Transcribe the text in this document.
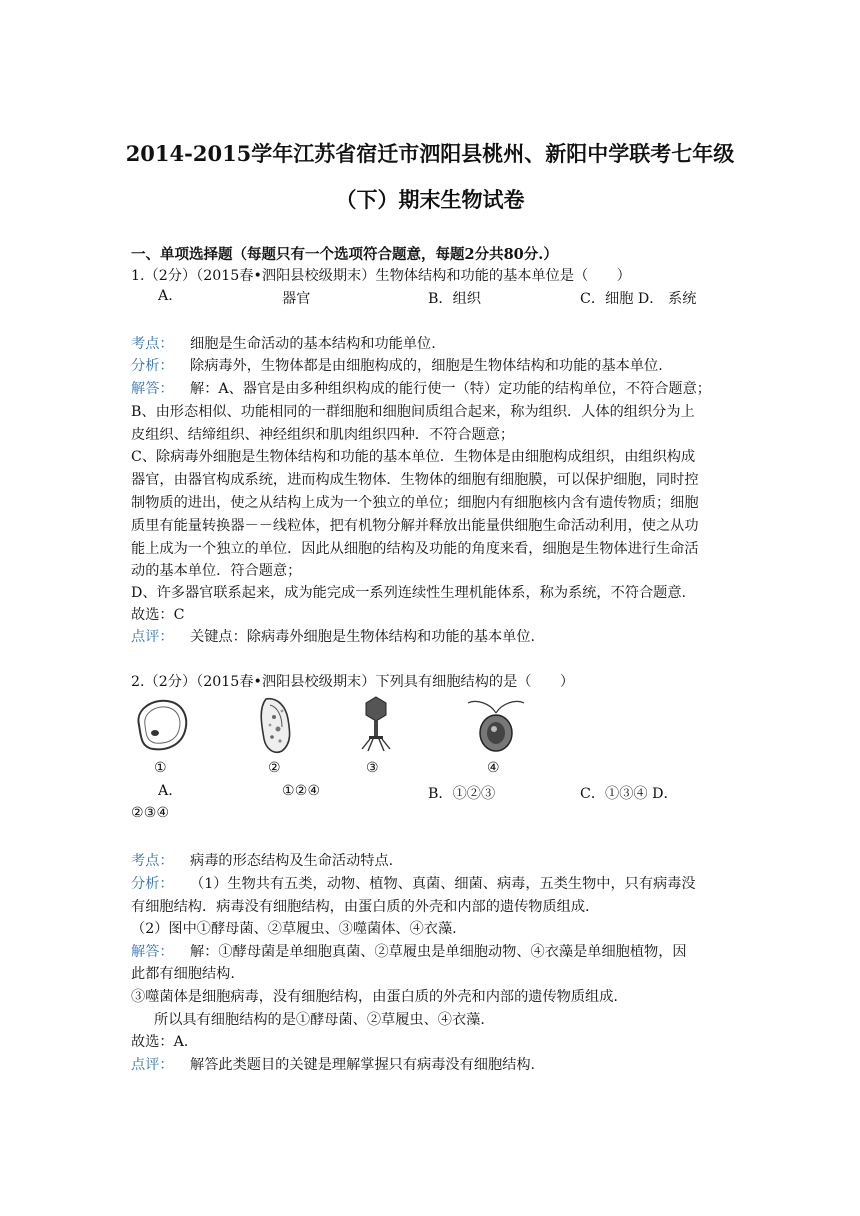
2014-2015学年江苏省宿迁市泗阳县桃州、新阳中学联考七年级
（下）期末生物试卷
一、单项选择题（每题只有一个选项符合题意，每题2分共80分.）
1.（2分）（2015春•泗阳县校级期末）生物体结构和功能的基本单位是（　　）
A.	器官	B．组织	C．细胞 D． 系统
考点： 细胞是生命活动的基本结构和功能单位.
分析： 除病毒外，生物体都是由细胞构成的，细胞是生物体结构和功能的基本单位.
解答： 解：A、器官是由多种组织构成的能行使一（特）定功能的结构单位，不符合题意；
B、由形态相似、功能相同的一群细胞和细胞间质组合起来，称为组织．人体的组织分为上
皮组织、结缔组织、神经组织和肌肉组织四种．不符合题意；
C、除病毒外细胞是生物体结构和功能的基本单位．生物体是由细胞构成组织，由组织构成
器官，由器官构成系统，进而构成生物体．生物体的细胞有细胞膜，可以保护细胞，同时控
制物质的进出，使之从结构上成为一个独立的单位；细胞内有细胞核内含有遗传物质；细胞
质里有能量转换器－－线粒体，把有机物分解并释放出能量供细胞生命活动利用，使之从功
能上成为一个独立的单位．因此从细胞的结构及功能的角度来看，细胞是生物体进行生命活
动的基本单位．符合题意；
D、许多器官联系起来，成为能完成一系列连续性生理机能体系，称为系统，不符合题意.
故选：C
点评： 关键点：除病毒外细胞是生物体结构和功能的基本单位.
2.（2分）（2015春•泗阳县校级期末）下列具有细胞结构的是（　　）
①	②	③	④
A.	①②④	B．①②③	C．①③④ D．
②③④
考点： 病毒的形态结构及生命活动特点.
分析： （1）生物共有五类，动物、植物、真菌、细菌、病毒，五类生物中，只有病毒没
有细胞结构．病毒没有细胞结构，由蛋白质的外壳和内部的遗传物质组成.
（2）图中①酵母菌、②草履虫、③噬菌体、④衣藻.
解答： 解：①酵母菌是单细胞真菌、②草履虫是单细胞动物、④衣藻是单细胞植物，因
此都有细胞结构.
③噬菌体是细胞病毒，没有细胞结构，由蛋白质的外壳和内部的遗传物质组成.
所以具有细胞结构的是①酵母菌、②草履虫、④衣藻.
故选：A.
点评： 解答此类题目的关键是理解掌握只有病毒没有细胞结构.
